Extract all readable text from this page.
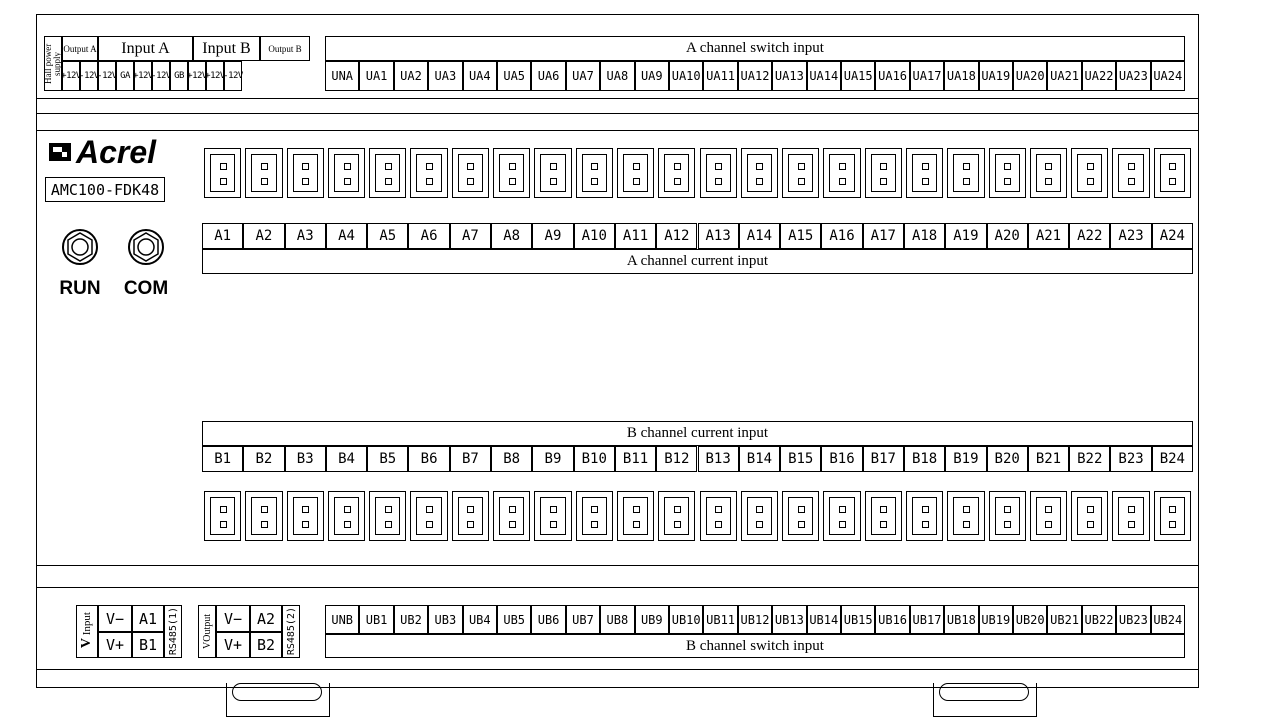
Hall power supply
Output A Input A Input B Output B
+12V
-12V
-12V GA +12V
-12V GB +12V
+12V
-12V
A channel switch input
UNA UA1 UA2 UA3 UA4 UA5 UA6 UA7 UA8 UA9 UA10 UA11 UA12 UA13 UA14 UA15 UA16 UA17 UA18 UA19 UA20 UA21 UA22 UA23 UA24
Acrel
AMC100-FDK48
RUN	COM
A1 A2 A3 A4 A5 A6 A7 A8 A9 A10 A11 A12 A13 A14 A15 A16 A17 A18 A19 A20 A21 A22 A23 A24
A channel current input
B channel current input
B1 B2 B3 B4 B5 B6 B7 B8 B9 B10 B11 B12 B13 B14 B15 B16 B17 B18 B19 B20 B21 B22 B23 B24
Input
V
V−
V+
A1
B1 RS485(1) VOutput V−
V+
A2
B2 RS485(2)	UNB UB1 UB2 UB3 UB4 UB5 UB6 UB7 UB8 UB9 UB10 UB11 UB12 UB13 UB14 UB15 UB16 UB17 UB18 UB19 UB20 UB21 UB22 UB23 UB24
B channel switch input
